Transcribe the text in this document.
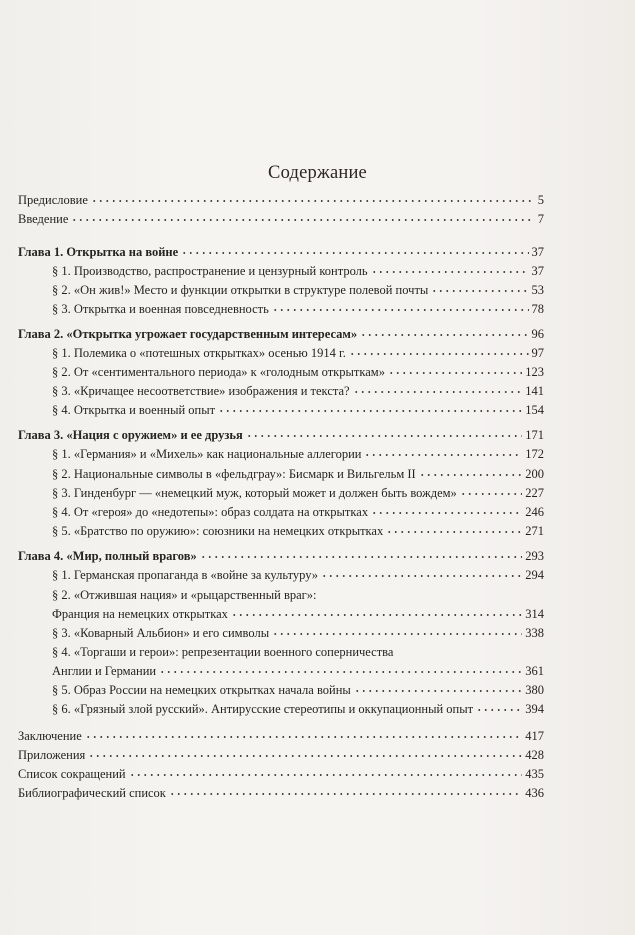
Содержание
Предисловие	5
Введение	7
Глава 1. Открытка на войне	37
§ 1. Производство, распространение и цензурный контроль	37
§ 2. «Он жив!» Место и функции открытки в структуре полевой почты	53
§ 3. Открытка и военная повседневность	78
Глава 2. «Открытка угрожает государственным интересам»	96
§ 1. Полемика о «потешных открытках» осенью 1914 г.	97
§ 2. От «сентиментального периода» к «голодным открыткам»	123
§ 3. «Кричащее несоответствие» изображения и текста?	141
§ 4. Открытка и военный опыт	154
Глава 3. «Нация с оружием» и ее друзья	171
§ 1. «Германия» и «Михель» как национальные аллегории	172
§ 2. Национальные символы в «фельдграу»: Бисмарк и Вильгельм II	200
§ 3. Гинденбург — «немецкий муж, который может и должен быть вождем»	227
§ 4. От «героя» до «недотепы»: образ солдата на открытках	246
§ 5. «Братство по оружию»: союзники на немецких открытках	271
Глава 4. «Мир, полный врагов»	293
§ 1. Германская пропаганда в «войне за культуру»	294
§ 2. «Отжившая нация» и «рыцарственный враг»:
Франция на немецких открытках	314
§ 3. «Коварный Альбион» и его символы	338
§ 4. «Торгаши и герои»: репрезентации военного соперничества
Англии и Германии	361
§ 5. Образ России на немецких открытках начала войны	380
§ 6. «Грязный злой русский». Антирусские стереотипы и оккупационный опыт	394
Заключение	417
Приложения	428
Список сокращений	435
Библиографический список	436
